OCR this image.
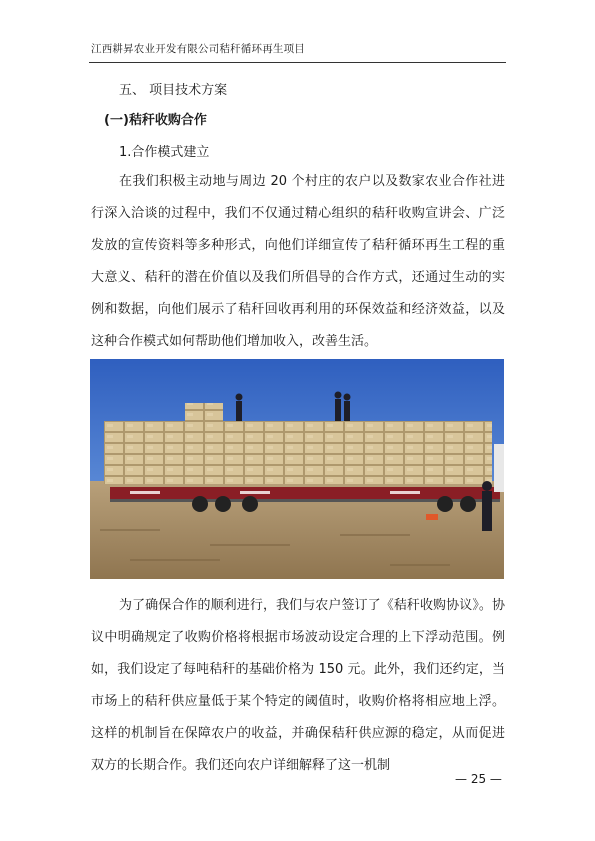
江西耕昇农业开发有限公司秸秆循环再生项目
五、 项目技术方案
(一)秸秆收购合作
1.合作模式建立

在我们积极主动地与周边 20 个村庄的农户以及数家农业合作社进行深入洽谈的过程中，我们不仅通过精心组织的秸秆收购宣讲会、广泛发放的宣传资料等多种形式，向他们详细宣传了秸秆循环再生工程的重大意义、秸秆的潜在价值以及我们所倡导的合作方式，还通过生动的实例和数据，向他们展示了秸秆回收再利用的环保效益和经济效益，以及这种合作模式如何帮助他们增加收入，改善生活。

为了确保合作的顺利进行，我们与农户签订了《秸秆收购协议》。协议中明确规定了收购价格将根据市场波动设定合理的上下浮动范围。例如，我们设定了每吨秸秆的基础价格为 150 元。此外，我们还约定，当市场上的秸秆供应量低于某个特定的阈值时，收购价格将相应地上浮。这样的机制旨在保障农户的收益，并确保秸秆供应源的稳定，从而促进双方的长期合作。我们还向农户详细解释了这一机制

— 25 —
